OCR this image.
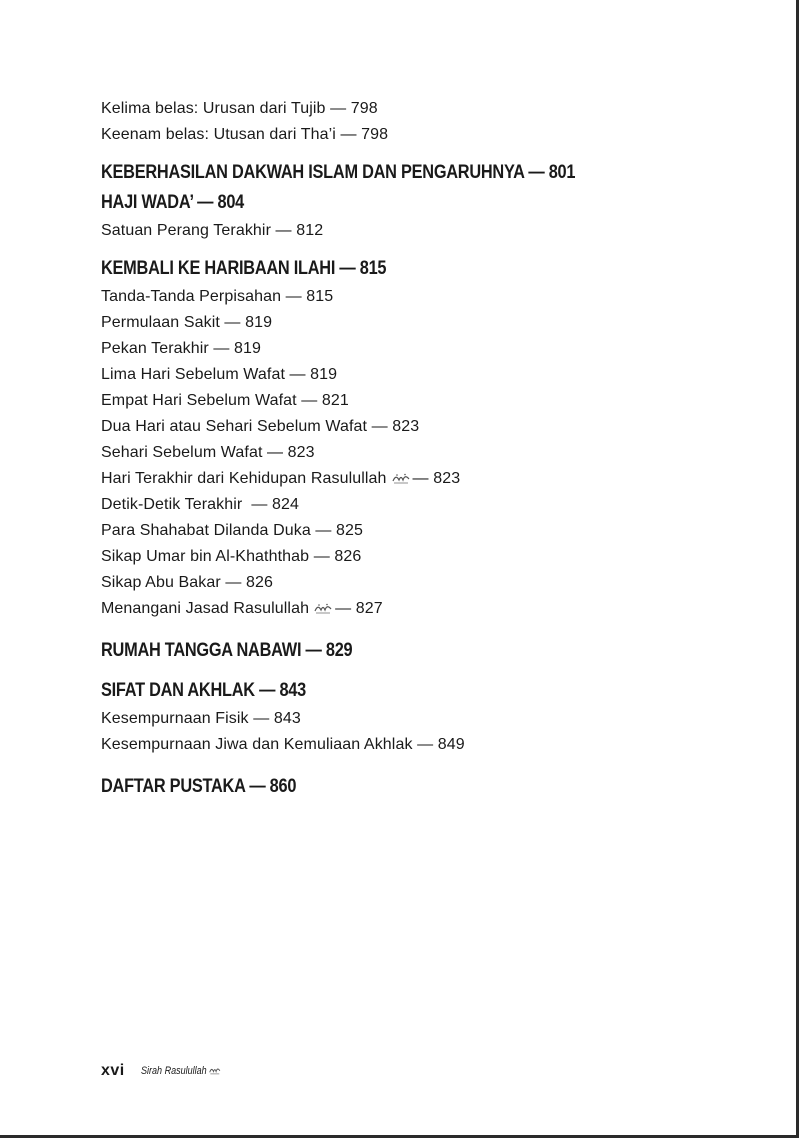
Kelima belas: Urusan dari Tujib — 798
Keenam belas: Utusan dari Tha’i — 798
KEBERHASILAN DAKWAH ISLAM DAN PENGARUHNYA — 801
HAJI WADA’ — 804
Satuan Perang Terakhir — 812
KEMBALI KE HARIBAAN ILAHI — 815
Tanda-Tanda Perpisahan — 815
Permulaan Sakit — 819
Pekan Terakhir — 819
Lima Hari Sebelum Wafat — 819
Empat Hari Sebelum Wafat — 821
Dua Hari atau Sehari Sebelum Wafat — 823
Sehari Sebelum Wafat — 823
Hari Terakhir dari Kehidupan Rasulullah — 823
Detik-Detik Terakhir  — 824
Para Shahabat Dilanda Duka — 825
Sikap Umar bin Al-Khaththab — 826
Sikap Abu Bakar — 826
Menangani Jasad Rasulullah — 827
RUMAH TANGGA NABAWI — 829
SIFAT DAN AKHLAK — 843
Kesempurnaan Fisik — 843
Kesempurnaan Jiwa dan Kemuliaan Akhlak — 849
DAFTAR PUSTAKA — 860
xvi Sirah Rasulullah
